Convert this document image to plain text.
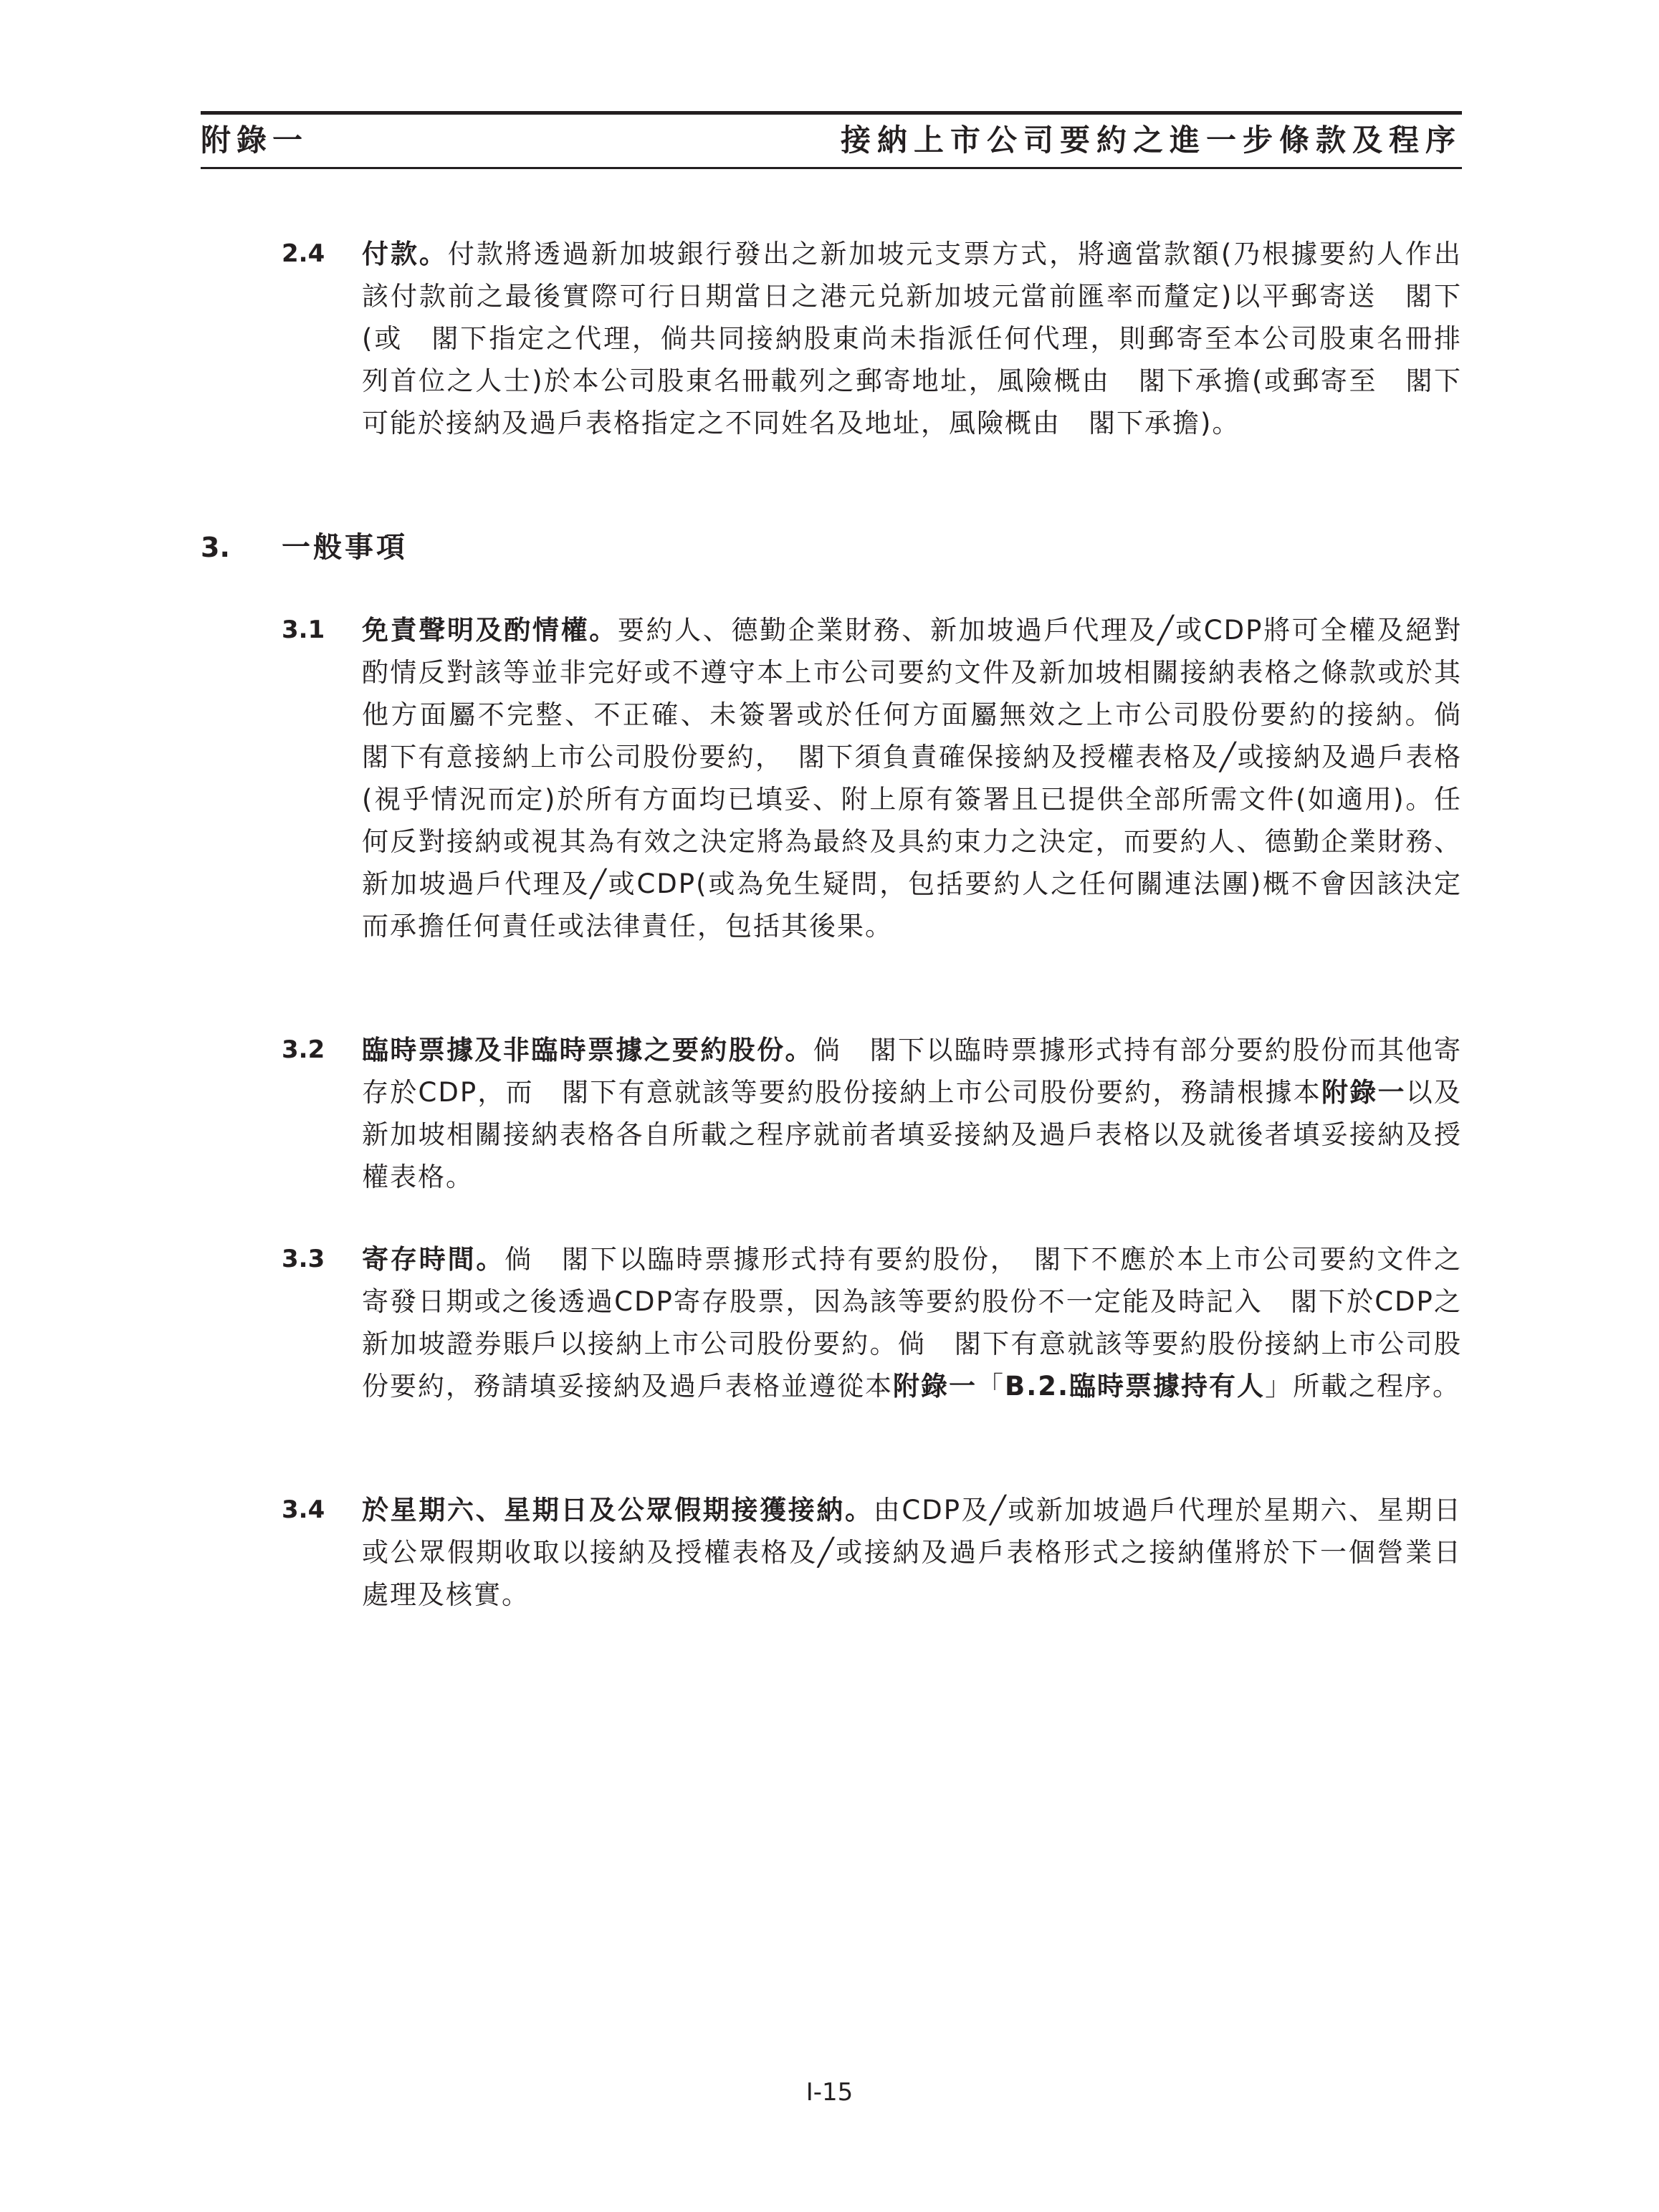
附錄一	接納上市公司要約之進一步條款及程序
2.4 付款。付款將透過新加坡銀行發出之新加坡元支票方式，將適當款額(乃根據要約人作出該付款前之最後實際可行日期當日之港元兑新加坡元當前匯率而釐定)以平郵寄送　閣下(或　閣下指定之代理，倘共同接納股東尚未指派任何代理，則郵寄至本公司股東名冊排列首位之人士)於本公司股東名冊載列之郵寄地址，風險概由　閣下承擔(或郵寄至　閣下可能於接納及過戶表格指定之不同姓名及地址，風險概由　閣下承擔)。

3. 一般事項
3.1 免責聲明及酌情權。要約人、德勤企業財務、新加坡過戶代理及╱或CDP將可全權及絕對酌情反對該等並非完好或不遵守本上市公司要約文件及新加坡相關接納表格之條款或於其他方面屬不完整、不正確、未簽署或於任何方面屬無效之上市公司股份要約的接納。倘　閣下有意接納上市公司股份要約，　閣下須負責確保接納及授權表格及╱或接納及過戶表格(視乎情況而定)於所有方面均已填妥、附上原有簽署且已提供全部所需文件(如適用)。任何反對接納或視其為有效之決定將為最終及具約束力之決定，而要約人、德勤企業財務、新加坡過戶代理及╱或CDP(或為免生疑問，包括要約人之任何關連法團)概不會因該決定而承擔任何責任或法律責任，包括其後果。

3.2 臨時票據及非臨時票據之要約股份。倘　閣下以臨時票據形式持有部分要約股份而其他寄存於CDP，而　閣下有意就該等要約股份接納上市公司股份要約，務請根據本附錄一以及新加坡相關接納表格各自所載之程序就前者填妥接納及過戶表格以及就後者填妥接納及授權表格。

3.3 寄存時間。倘　閣下以臨時票據形式持有要約股份，　閣下不應於本上市公司要約文件之寄發日期或之後透過CDP寄存股票，因為該等要約股份不一定能及時記入　閣下於CDP之新加坡證券賬戶以接納上市公司股份要約。倘　閣下有意就該等要約股份接納上市公司股份要約，務請填妥接納及過戶表格並遵從本附錄一「B.2.臨時票據持有人」所載之程序。

3.4 於星期六、星期日及公眾假期接獲接納。由CDP及╱或新加坡過戶代理於星期六、星期日或公眾假期收取以接納及授權表格及╱或接納及過戶表格形式之接納僅將於下一個營業日處理及核實。

I-15
